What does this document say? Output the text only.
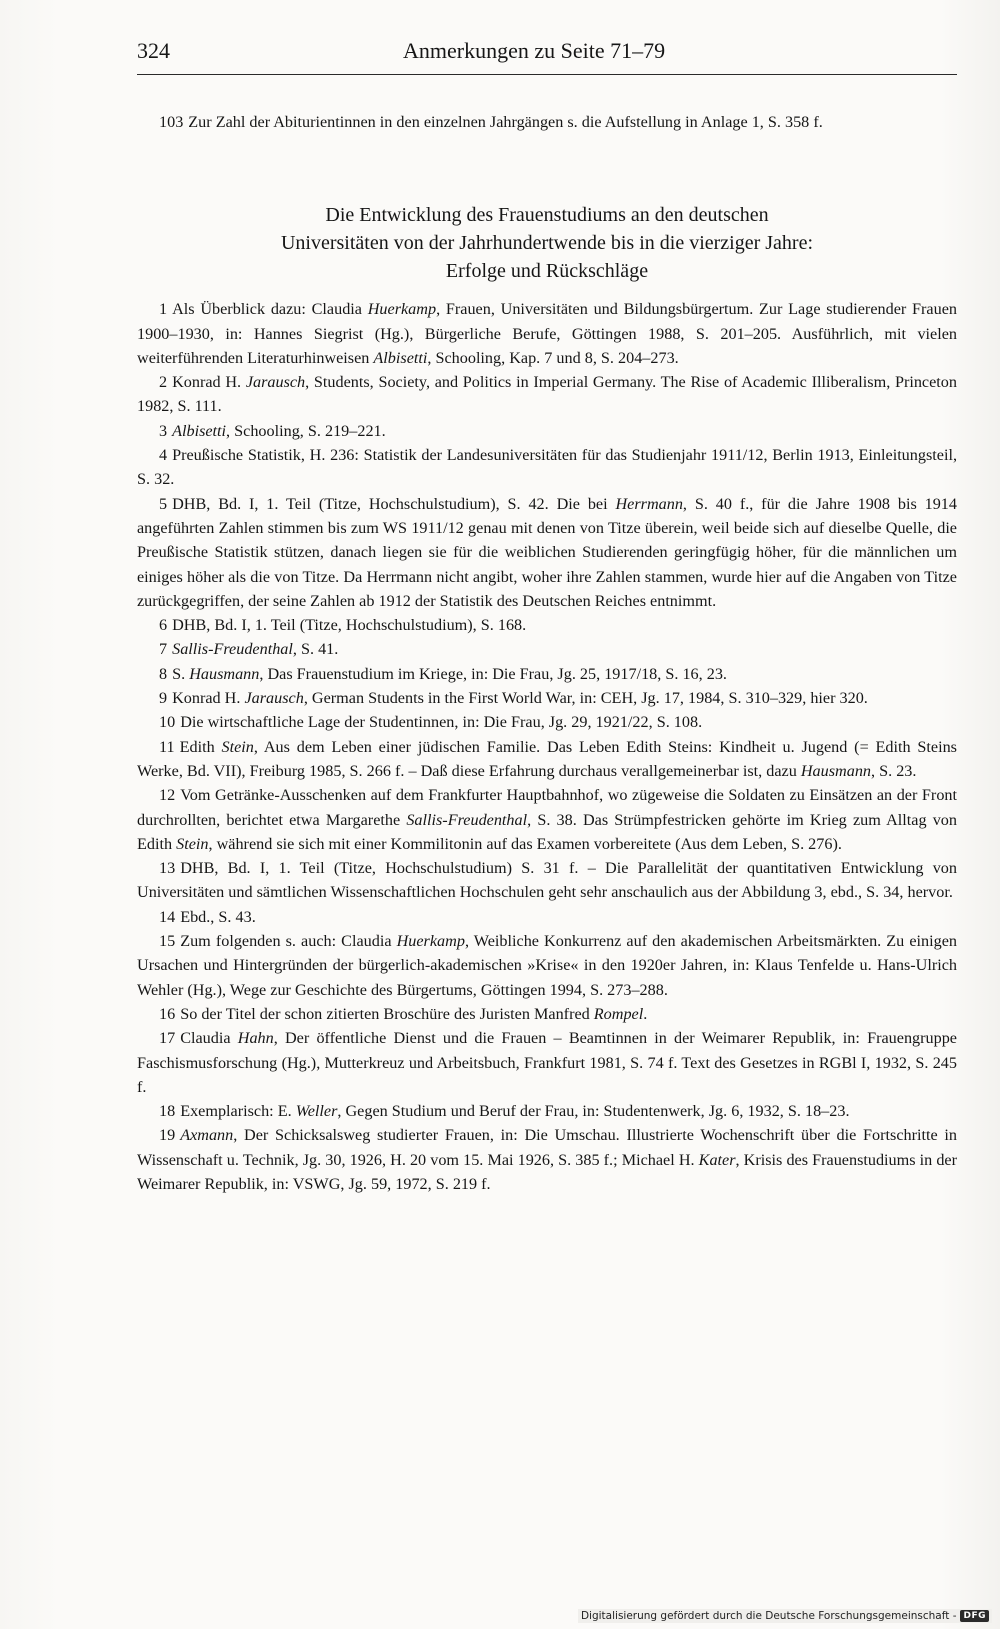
324	Anmerkungen zu Seite 71–79

103 Zur Zahl der Abiturientinnen in den einzelnen Jahrgängen s. die Aufstellung in Anlage 1, S. 358 f.

Die Entwicklung des Frauenstudiums an den deutschen
Universitäten von der Jahrhundertwende bis in die vierziger Jahre:
Erfolge und Rückschläge

1 Als Überblick dazu: Claudia Huerkamp, Frauen, Universitäten und Bildungsbürgertum. Zur Lage studierender Frauen 1900–1930, in: Hannes Siegrist (Hg.), Bürgerliche Berufe, Göttingen 1988, S. 201–205. Ausführlich, mit vielen weiterführenden Literaturhinweisen Albisetti, Schooling, Kap. 7 und 8, S. 204–273.

2 Konrad H. Jarausch, Students, Society, and Politics in Imperial Germany. The Rise of Academic Illiberalism, Princeton 1982, S. 111.

3 Albisetti, Schooling, S. 219–221.

4 Preußische Statistik, H. 236: Statistik der Landesuniversitäten für das Studienjahr 1911/12, Berlin 1913, Einleitungsteil, S. 32.

5 DHB, Bd. I, 1. Teil (Titze, Hochschulstudium), S. 42. Die bei Herrmann, S. 40 f., für die Jahre 1908 bis 1914 angeführten Zahlen stimmen bis zum WS 1911/12 genau mit denen von Titze überein, weil beide sich auf dieselbe Quelle, die Preußische Statistik stützen, danach liegen sie für die weiblichen Studierenden geringfügig höher, für die männlichen um einiges höher als die von Titze. Da Herrmann nicht angibt, woher ihre Zahlen stammen, wurde hier auf die Angaben von Titze zurückgegriffen, der seine Zahlen ab 1912 der Statistik des Deutschen Reiches entnimmt.

6 DHB, Bd. I, 1. Teil (Titze, Hochschulstudium), S. 168.

7 Sallis-Freudenthal, S. 41.

8 S. Hausmann, Das Frauenstudium im Kriege, in: Die Frau, Jg. 25, 1917/18, S. 16, 23.

9 Konrad H. Jarausch, German Students in the First World War, in: CEH, Jg. 17, 1984, S. 310–329, hier 320.

10 Die wirtschaftliche Lage der Studentinnen, in: Die Frau, Jg. 29, 1921/22, S. 108.

11 Edith Stein, Aus dem Leben einer jüdischen Familie. Das Leben Edith Steins: Kindheit u. Jugend (= Edith Steins Werke, Bd. VII), Freiburg 1985, S. 266 f. – Daß diese Erfahrung durchaus verallgemeinerbar ist, dazu Hausmann, S. 23.

12 Vom Getränke-Ausschenken auf dem Frankfurter Hauptbahnhof, wo zügeweise die Soldaten zu Einsätzen an der Front durchrollten, berichtet etwa Margarethe Sallis-Freudenthal, S. 38. Das Strümpfestricken gehörte im Krieg zum Alltag von Edith Stein, während sie sich mit einer Kommilitonin auf das Examen vorbereitete (Aus dem Leben, S. 276).

13 DHB, Bd. I, 1. Teil (Titze, Hochschulstudium) S. 31 f. – Die Parallelität der quantitativen Entwicklung von Universitäten und sämtlichen Wissenschaftlichen Hochschulen geht sehr anschaulich aus der Abbildung 3, ebd., S. 34, hervor.

14 Ebd., S. 43.

15 Zum folgenden s. auch: Claudia Huerkamp, Weibliche Konkurrenz auf den akademischen Arbeitsmärkten. Zu einigen Ursachen und Hintergründen der bürgerlich-akademischen »Krise« in den 1920er Jahren, in: Klaus Tenfelde u. Hans-Ulrich Wehler (Hg.), Wege zur Geschichte des Bürgertums, Göttingen 1994, S. 273–288.

16 So der Titel der schon zitierten Broschüre des Juristen Manfred Rompel.

17 Claudia Hahn, Der öffentliche Dienst und die Frauen – Beamtinnen in der Weimarer Republik, in: Frauengruppe Faschismusforschung (Hg.), Mutterkreuz und Arbeitsbuch, Frankfurt 1981, S. 74 f. Text des Gesetzes in RGBl I, 1932, S. 245 f.

18 Exemplarisch: E. Weller, Gegen Studium und Beruf der Frau, in: Studentenwerk, Jg. 6, 1932, S. 18–23.

19 Axmann, Der Schicksalsweg studierter Frauen, in: Die Umschau. Illustrierte Wochenschrift über die Fortschritte in Wissenschaft u. Technik, Jg. 30, 1926, H. 20 vom 15. Mai 1926, S. 385 f.; Michael H. Kater, Krisis des Frauenstudiums in der Weimarer Republik, in: VSWG, Jg. 59, 1972, S. 219 f.

Digitalisierung gefördert durch die Deutsche Forschungsgemeinschaft - DFG
